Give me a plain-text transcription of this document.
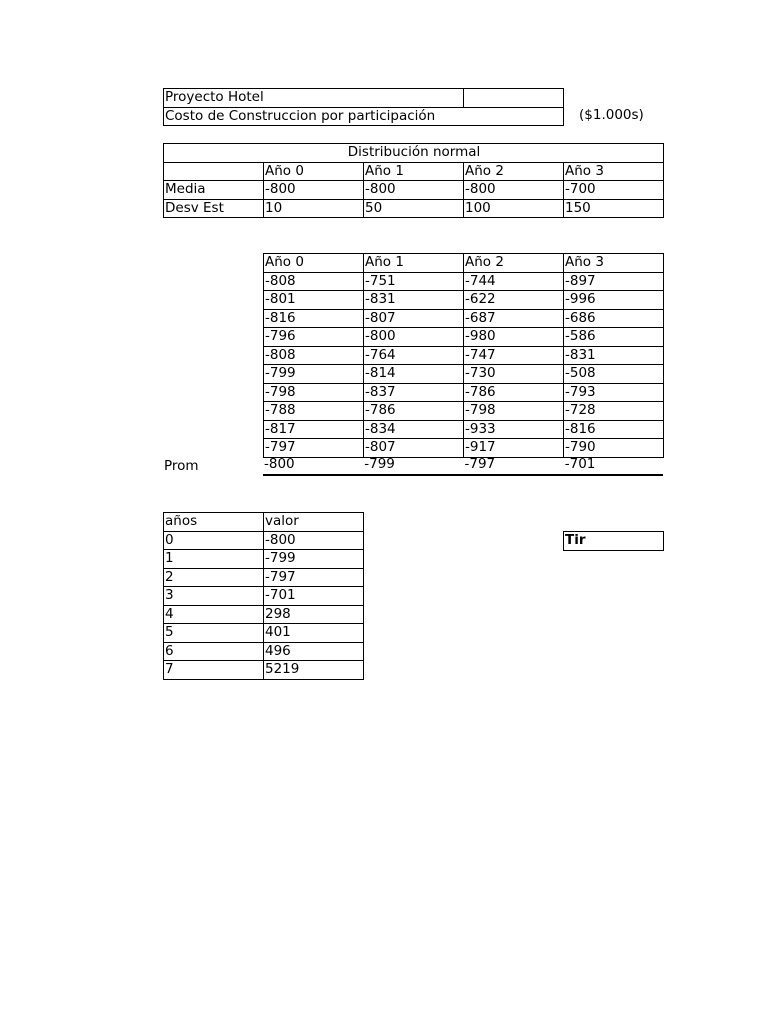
Proyecto Hotel	
Costo de Construccion por participación	($1.000s)
Distribución normal				
	Año 0	Año 1	Año 2	Año 3
Media	-800	-800	-800	-700
Desv Est	10	50	100	150
Año 0	Año 1	Año 2	Año 3
-808	-751	-744	-897
-801	-831	-622	-996
-816	-807	-687	-686
-796	-800	-980	-586
-808	-764	-747	-831
-799	-814	-730	-508
-798	-837	-786	-793
-788	-786	-798	-728
-817	-834	-933	-816
-797	-807	-917	-790
Prom	-800	-799	-797	-701
años	valor
0	-800
1	-799
2	-797
3	-701
4	298
5	401
6	496
7	5219
Tir
